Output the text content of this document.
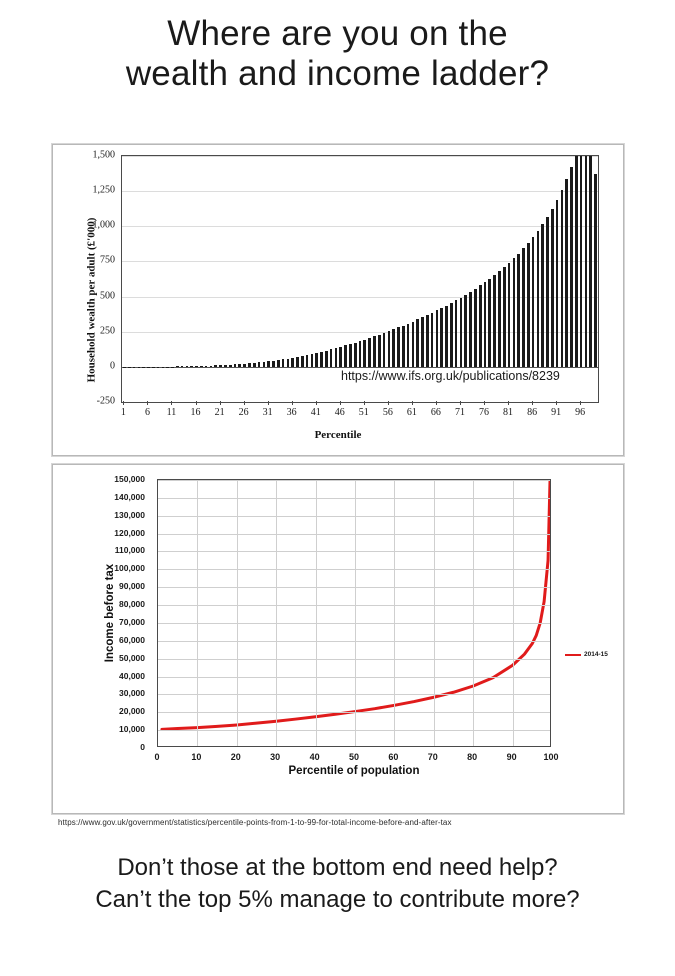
Where are you on the
wealth and income ladder?
Household wealth per adult (£'000)
-250
0
250
500
750
1,000
1,250
1,500
1 6 11 16 21 26 31 36 41 46 51 56 61 66 71 76 81 86 91 96
https://www.ifs.org.uk/publications/8239
Percentile
Income before tax
0
10,000
20,000
30,000
40,000
50,000
60,000
70,000
80,000
90,000
100,000
110,000
120,000
130,000
140,000
150,000
0	10	20	30	40	50	60	70	80	90	100
Percentile of population
2014-15
https://www.gov.uk/government/statistics/percentile-points-from-1-to-99-for-total-income-before-and-after-tax
Don’t those at the bottom end need help?
Can’t the top 5% manage to contribute more?
